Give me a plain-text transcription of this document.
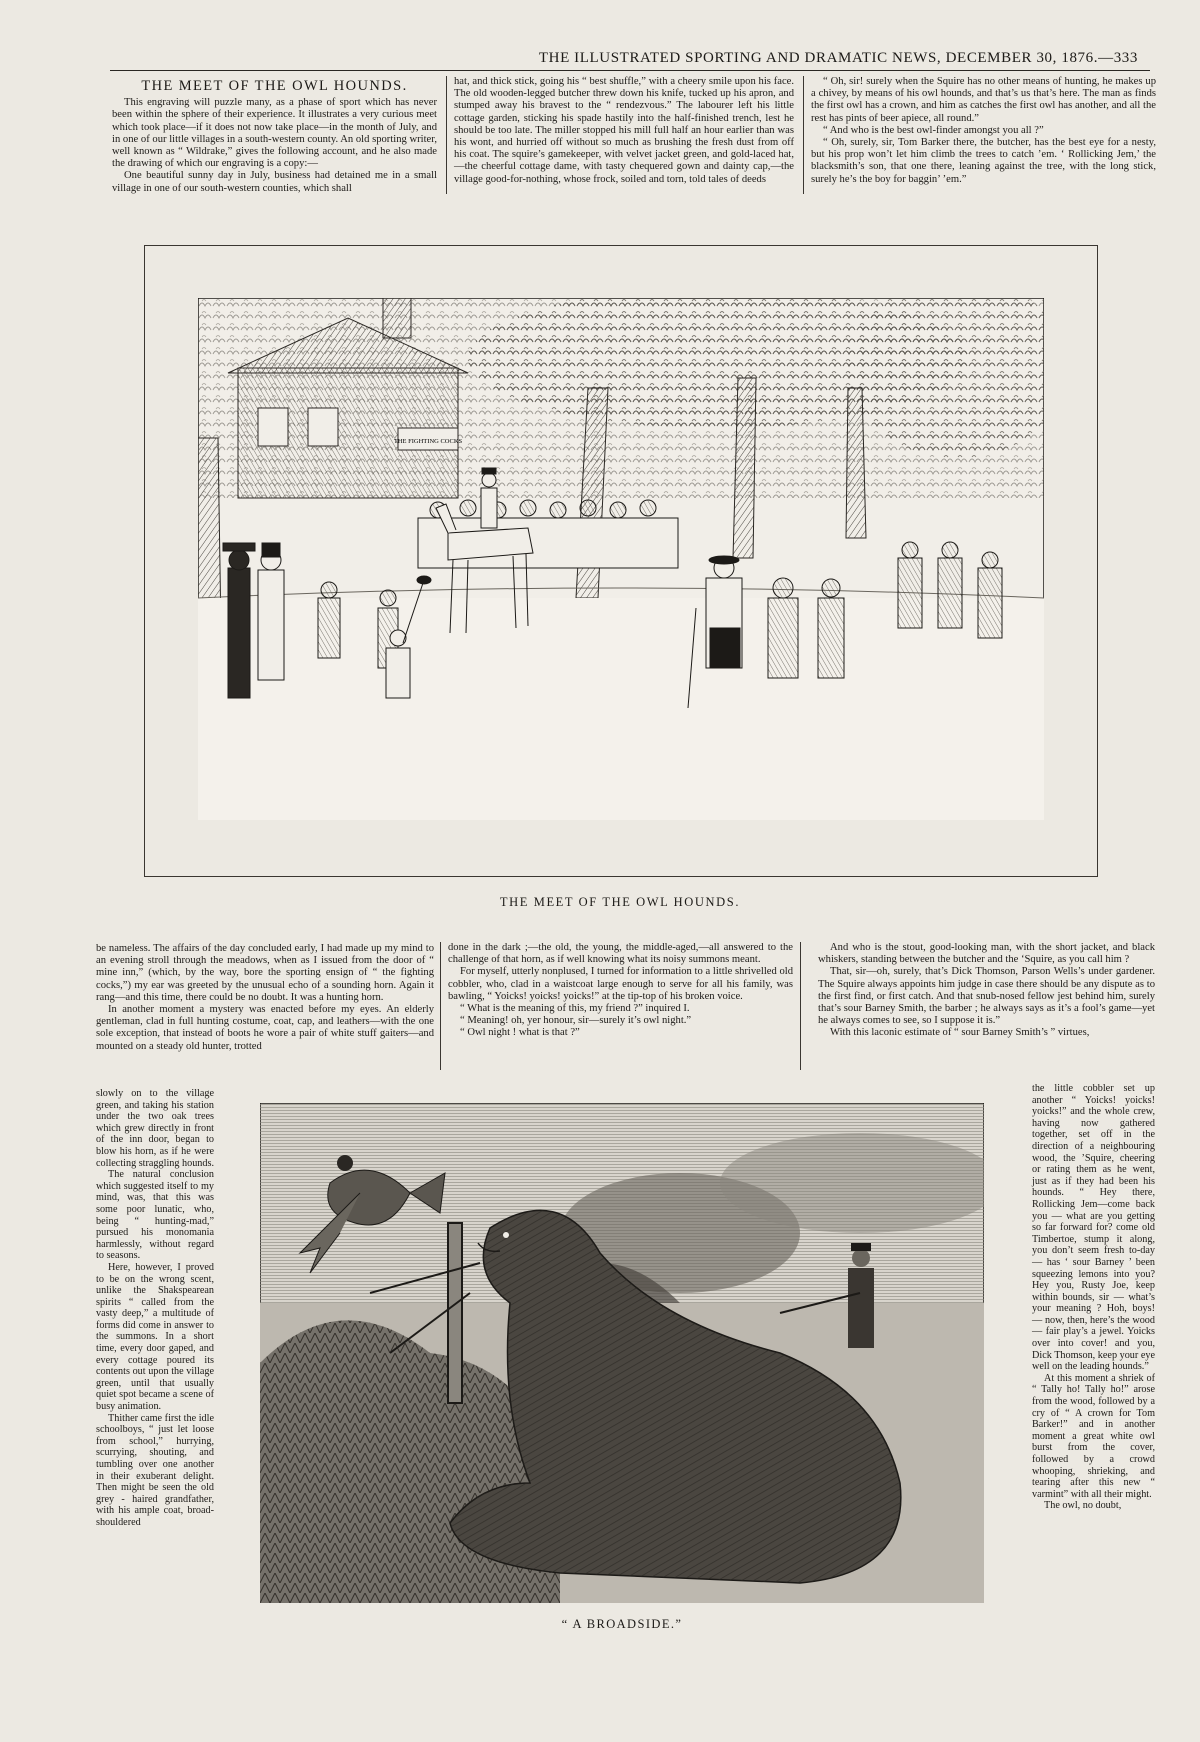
THE ILLUSTRATED SPORTING AND DRAMATIC NEWS, DECEMBER 30, 1876.—333
THE MEET OF THE OWL HOUNDS.

This engraving will puzzle many, as a phase of sport which has never been within the sphere of their experience. It illustrates a very curious meet which took place—if it does not now take place—in the month of July, and in one of our little villages in a south-western county. An old sporting writer, well known as “ Wildrake,” gives the following account, and he also made the drawing of which our engraving is a copy:—

One beautiful sunny day in July, business had detained me in a small village in one of our south-western counties, which shall

hat, and thick stick, going his “ best shuffle,” with a cheery smile upon his face. The old wooden-legged butcher threw down his knife, tucked up his apron, and stumped away his bravest to the “ rendezvous.” The labourer left his little cottage garden, sticking his spade hastily into the half-finished trench, lest he should be too late. The miller stopped his mill full half an hour earlier than was his wont, and hurried off without so much as brushing the fresh dust from off his coat. The squire’s gamekeeper, with velvet jacket green, and gold-laced hat,—the cheerful cottage dame, with tasty chequered gown and dainty cap,—the village good-for-nothing, whose frock, soiled and torn, told tales of deeds

“ Oh, sir! surely when the Squire has no other means of hunting, he makes up a chivey, by means of his owl hounds, and that’s us that’s here. The man as finds the first owl has a crown, and him as catches the first owl has another, and all the rest has pints of beer apiece, all round.”

“ And who is the best owl-finder amongst you all ?”

“ Oh, surely, sir, Tom Barker there, the butcher, has the best eye for a nesty, but his prop won’t let him climb the trees to catch ’em. ‘ Rollicking Jem,’ the blacksmith’s son, that one there, leaning against the tree, with the long stick, surely he’s the boy for baggin’ ’em.”

THE FIGHTING COCKS
THE MEET OF THE OWL HOUNDS.

be nameless. The affairs of the day concluded early, I had made up my mind to an evening stroll through the meadows, when as I issued from the door of “ mine inn,” (which, by the way, bore the sporting ensign of “ the fighting cocks,”) my ear was greeted by the unusual echo of a sounding horn. Again it rang—and this time, there could be no doubt. It was a hunting horn.

In another moment a mystery was enacted before my eyes. An elderly gentleman, clad in full hunting costume, coat, cap, and leathers—with the one sole exception, that instead of boots he wore a pair of white stuff gaiters—and mounted on a steady old hunter, trotted

done in the dark ;—the old, the young, the middle-aged,—all answered to the challenge of that horn, as if well knowing what its noisy summons meant.

For myself, utterly nonplused, I turned for information to a little shrivelled old cobbler, who, clad in a waistcoat large enough to serve for all his family, was bawling, “ Yoicks! yoicks! yoicks!” at the tip-top of his broken voice.

“ What is the meaning of this, my friend ?” inquired I.

“ Meaning! oh, yer honour, sir—surely it’s owl night.”

“ Owl night ! what is that ?”

And who is the stout, good-looking man, with the short jacket, and black whiskers, standing between the butcher and the ‘Squire, as you call him ?

That, sir—oh, surely, that’s Dick Thomson, Parson Wells’s under gardener. The Squire always appoints him judge in case there should be any dispute as to the first find, or first catch. And that snub-nosed fellow jest behind him, surely that’s sour Barney Smith, the barber ; he always says as it’s a fool’s game—yet he always comes to see, so I suppose it is.”

With this laconic estimate of “ sour Barney Smith’s ” virtues,

slowly on to the village green, and taking his station under the two oak trees which grew directly in front of the inn door, began to blow his horn, as if he were collecting straggling hounds.

The natural conclusion which suggested itself to my mind, was, that this was some poor lunatic, who, being “ hunting-mad,” pursued his monomania harmlessly, without regard to seasons.

Here, however, I proved to be on the wrong scent, unlike the Shakspearean spirits “ called from the vasty deep,” a multitude of forms did come in answer to the summons. In a short time, every door gaped, and every cottage poured its contents out upon the village green, until that usually quiet spot became a scene of busy animation.

Thither came first the idle schoolboys, “ just let loose from school,” hurrying, scurrying, shouting, and tumbling over one another in their exuberant delight. Then might be seen the old grey - haired grandfather, with his ample coat, broad-shouldered

“ A BROADSIDE.”

the little cobbler set up another “ Yoicks! yoicks! yoicks!” and the whole crew, having now gathered together, set off in the direction of a neighbouring wood, the ’Squire, cheering or rating them as he went, just as if they had been his hounds. “ Hey there, Rollicking Jem—come back you — what are you getting so far forward for? come old Timbertoe, stump it along, you don’t seem fresh to-day — has ‘ sour Barney ’ been squeezing lemons into you? Hey you, Rusty Joe, keep within bounds, sir — what’s your meaning ? Hoh, boys! — now, then, here’s the wood — fair play’s a jewel. Yoicks over into cover! and you, Dick Thomson, keep your eye well on the leading hounds.”

At this moment a shriek of “ Tally ho! Tally ho!” arose from the wood, followed by a cry of “ A crown for Tom Barker!” and in another moment a great white owl burst from the cover, followed by a crowd whooping, shrieking, and tearing after this new “ varmint” with all their might.

The owl, no doubt,
